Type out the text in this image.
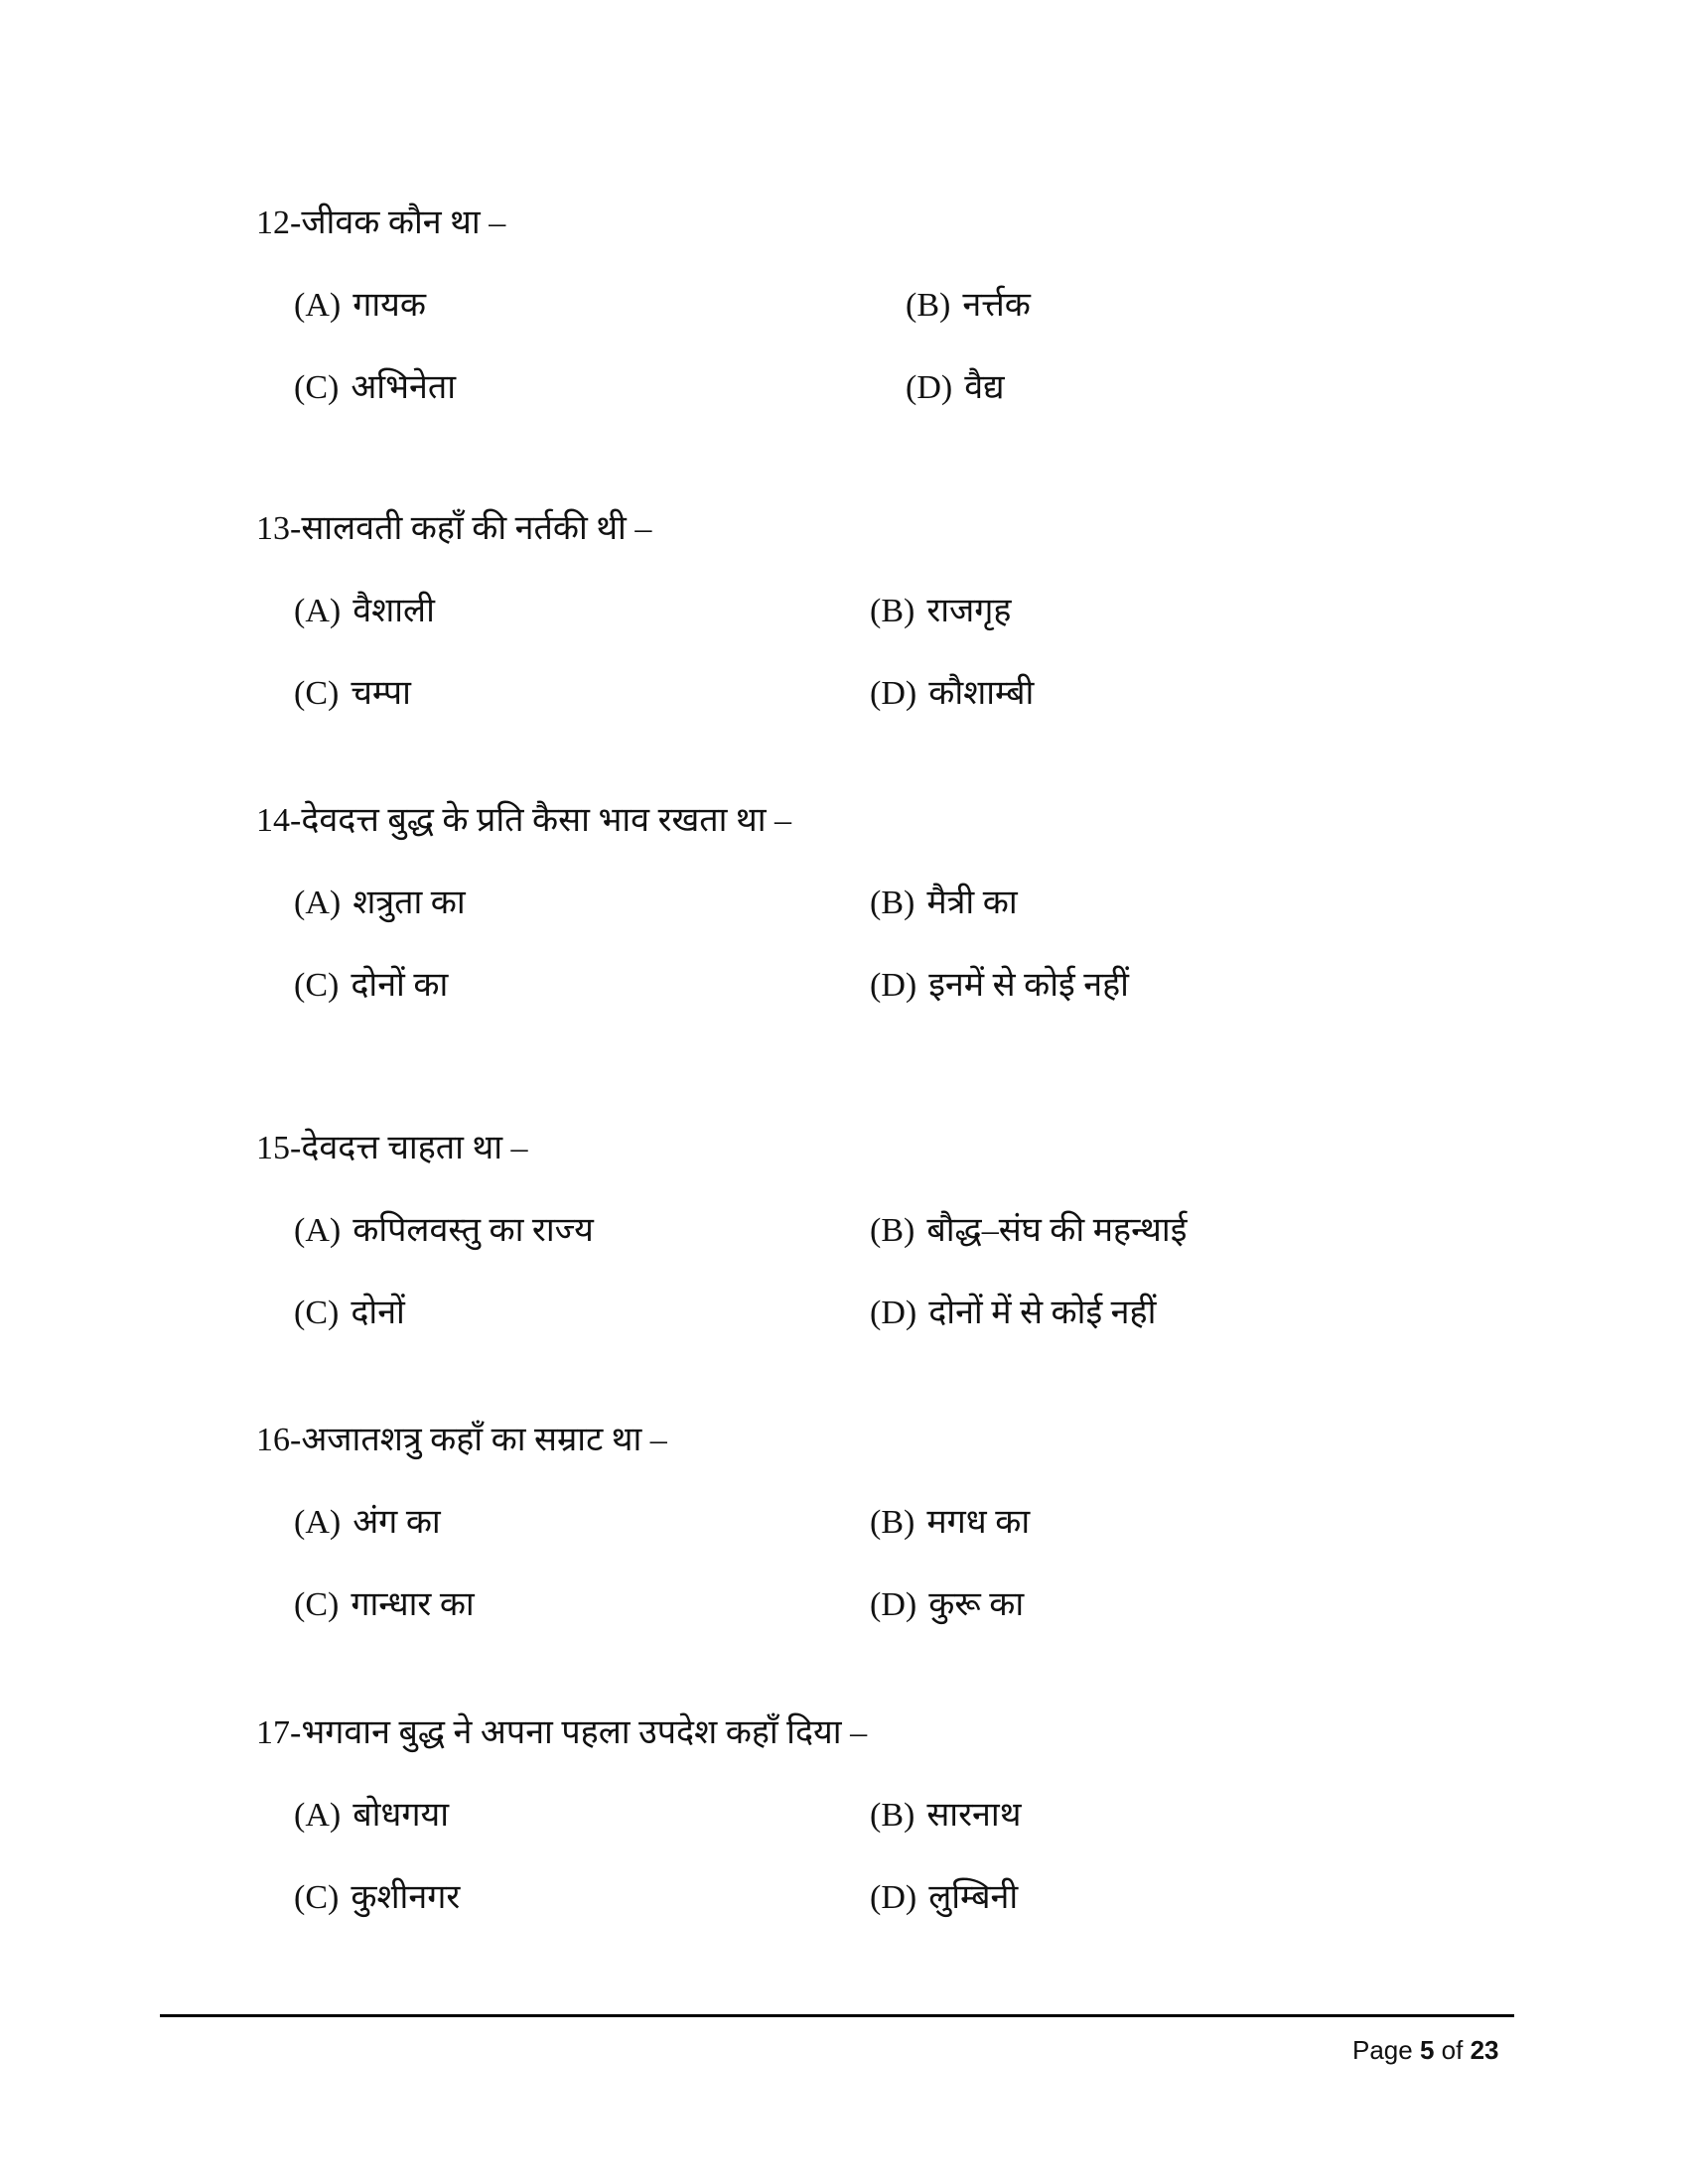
12-जीवक कौन था –
(A) गायक	(B) नर्त्तक
(C) अभिनेता	(D) वैद्य
13-सालवती कहाँ की नर्तकी थी –
(A) वैशाली	(B) राजगृह
(C) चम्पा	(D) कौशाम्बी
14-देवदत्त बुद्ध के प्रति कैसा भाव रखता था –
(A) शत्रुता का	(B) मैत्री का
(C) दोनों का	(D) इनमें से कोई नहीं
15-देवदत्त चाहता था –
(A) कपिलवस्तु का राज्य	(B) बौद्ध–संघ की महन्थाई
(C) दोनों	(D) दोनों में से कोई नहीं
16-अजातशत्रु कहाँ का सम्राट था –
(A) अंग का	(B) मगध का
(C) गान्धार का	(D) कुरू का
17-भगवान बुद्ध ने अपना पहला उपदेश कहाँ दिया –
(A) बोधगया	(B) सारनाथ
(C) कुशीनगर	(D) लुम्बिनी
Page 5 of 23
